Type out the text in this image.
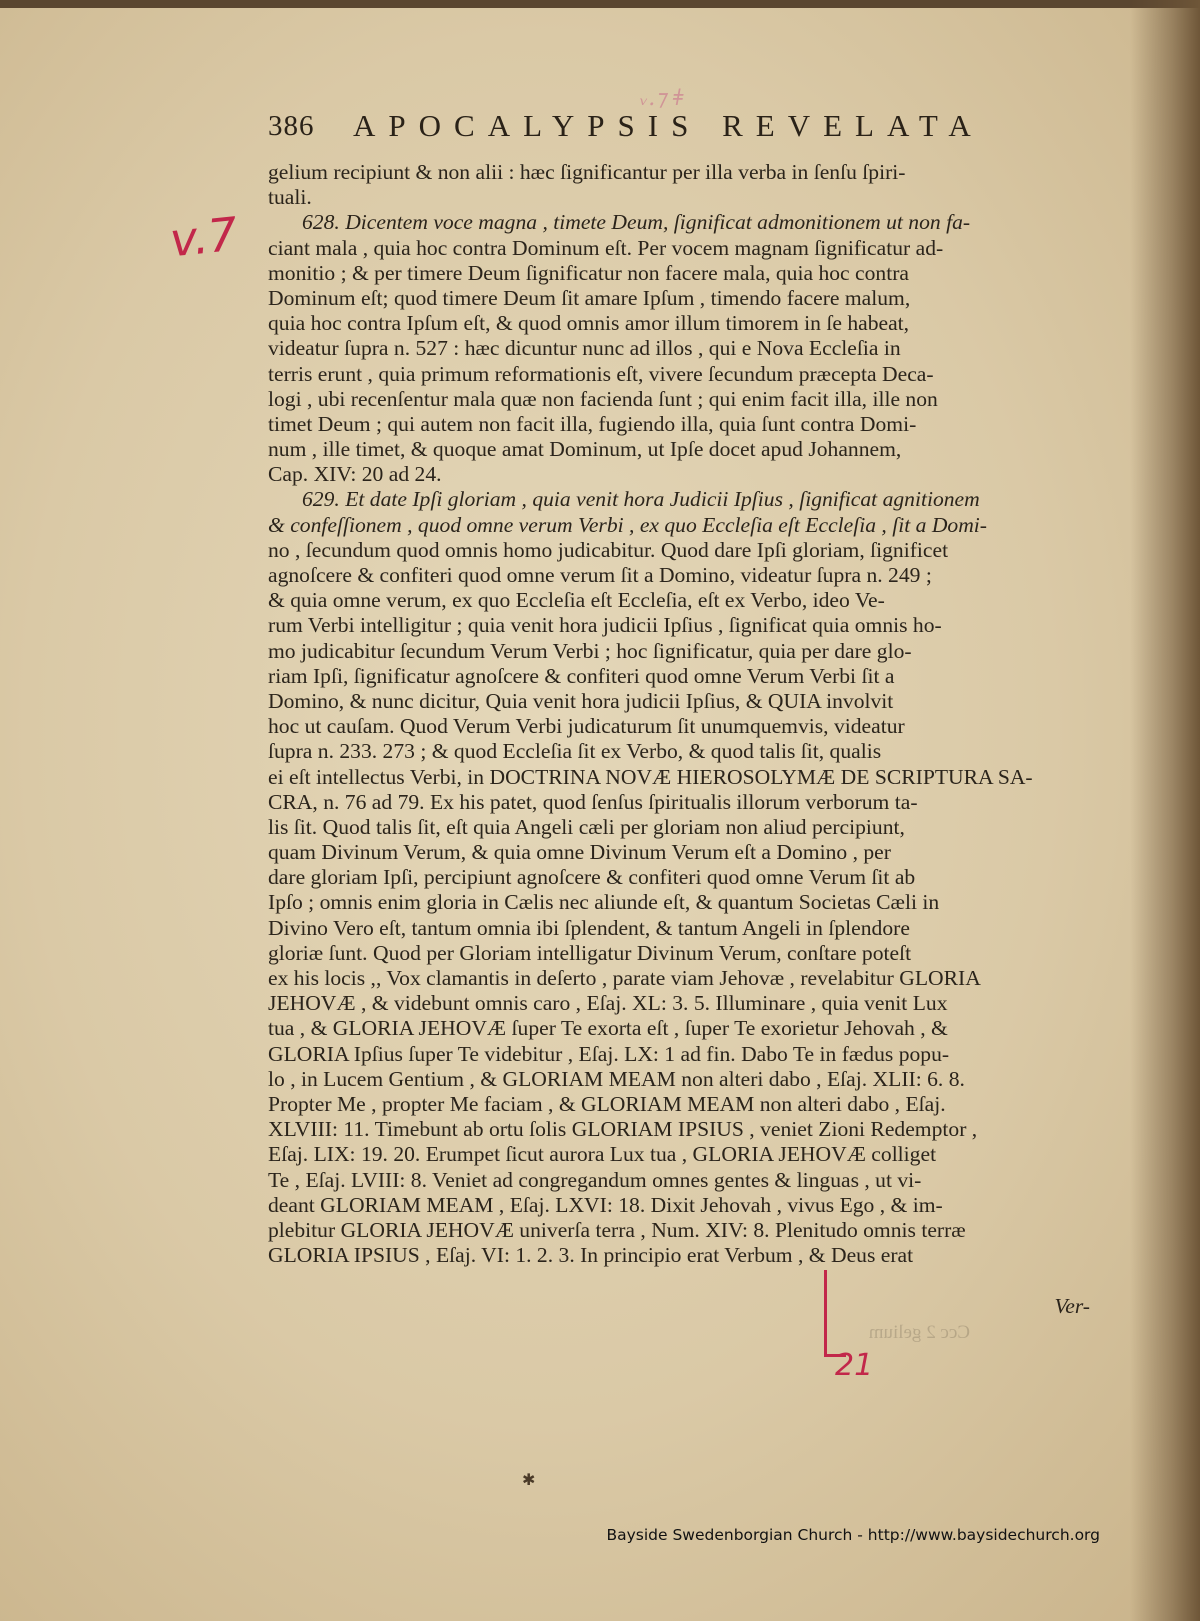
ᵥ.⁊ ǂ
386 APOCALYPSIS REVELATA
v.7
gelium recipiunt & non alii : hæc ſignificantur per illa verba in ſenſu ſpiri-
tuali.
628. Dicentem voce magna , timete Deum, ſignificat admonitionem ut non fa-
ciant mala , quia hoc contra Dominum eſt. Per vocem magnam ſignificatur ad-
monitio ; & per timere Deum ſignificatur non facere mala, quia hoc contra
Dominum eſt; quod timere Deum ſit amare Ipſum , timendo facere malum,
quia hoc contra Ipſum eſt, & quod omnis amor illum timorem in ſe habeat,
videatur ſupra n. 527 : hæc dicuntur nunc ad illos , qui e Nova Eccleſia in
terris erunt , quia primum reformationis eſt, vivere ſecundum præcepta Deca-
logi , ubi recenſentur mala quæ non facienda ſunt ; qui enim facit illa, ille non
timet Deum ; qui autem non facit illa, fugiendo illa, quia ſunt contra Domi-
num , ille timet, & quoque amat Dominum, ut Ipſe docet apud Johannem,
Cap. XIV: 20 ad 24.
629. Et date Ipſi gloriam , quia venit hora Judicii Ipſius , ſignificat agnitionem
& confeſſionem , quod omne verum Verbi , ex quo Eccleſia eſt Eccleſia , ſit a Domi-
no , ſecundum quod omnis homo judicabitur. Quod dare Ipſi gloriam, ſignificet
agnoſcere & confiteri quod omne verum ſit a Domino, videatur ſupra n. 249 ;
& quia omne verum, ex quo Eccleſia eſt Eccleſia, eſt ex Verbo, ideo Ve-
rum Verbi intelligitur ; quia venit hora judicii Ipſius , ſignificat quia omnis ho-
mo judicabitur ſecundum Verum Verbi ; hoc ſignificatur, quia per dare glo-
riam Ipſi, ſignificatur agnoſcere & confiteri quod omne Verum Verbi ſit a
Domino, & nunc dicitur, Quia venit hora judicii Ipſius, & QUIA involvit
hoc ut cauſam. Quod Verum Verbi judicaturum ſit unumquemvis, videatur
ſupra n. 233. 273 ; & quod Eccleſia ſit ex Verbo, & quod talis ſit, qualis
ei eſt intellectus Verbi, in DOCTRINA NOVÆ HIEROSOLYMÆ DE SCRIPTURA SA-
CRA, n. 76 ad 79. Ex his patet, quod ſenſus ſpiritualis illorum verborum ta-
lis ſit. Quod talis ſit, eſt quia Angeli cæli per gloriam non aliud percipiunt,
quam Divinum Verum, & quia omne Divinum Verum eſt a Domino , per
dare gloriam Ipſi, percipiunt agnoſcere & confiteri quod omne Verum ſit ab
Ipſo ; omnis enim gloria in Cælis nec aliunde eſt, & quantum Societas Cæli in
Divino Vero eſt, tantum omnia ibi ſplendent, & tantum Angeli in ſplendore
gloriæ ſunt. Quod per Gloriam intelligatur Divinum Verum, conſtare poteſt
ex his locis ,, Vox clamantis in deſerto , parate viam Jehovæ , revelabitur GLORIA
JEHOVÆ , & videbunt omnis caro , Eſaj. XL: 3. 5. Illuminare , quia venit Lux
tua , & GLORIA JEHOVÆ ſuper Te exorta eſt , ſuper Te exorietur Jehovah , &
GLORIA Ipſius ſuper Te videbitur , Eſaj. LX: 1 ad fin. Dabo Te in fædus popu-
lo , in Lucem Gentium , & GLORIAM MEAM non alteri dabo , Eſaj. XLII: 6. 8.
Propter Me , propter Me faciam , & GLORIAM MEAM non alteri dabo , Eſaj.
XLVIII: 11. Timebunt ab ortu ſolis GLORIAM IPSIUS , veniet Zioni Redemptor ,
Eſaj. LIX: 19. 20. Erumpet ſicut aurora Lux tua , GLORIA JEHOVÆ colliget
Te , Eſaj. LVIII: 8. Veniet ad congregandum omnes gentes & linguas , ut vi-
deant GLORIAM MEAM , Eſaj. LXVI: 18. Dixit Jehovah , vivus Ego , & im-
plebitur GLORIA JEHOVÆ univerſa terra , Num. XIV: 8. Plenitudo omnis terræ
GLORIA IPSIUS , Eſaj. VI: 1. 2. 3. In principio erat Verbum , & Deus erat
Ver-
Ccc 2 gelium
21
✱
Bayside Swedenborgian Church - http://www.baysidechurch.org
